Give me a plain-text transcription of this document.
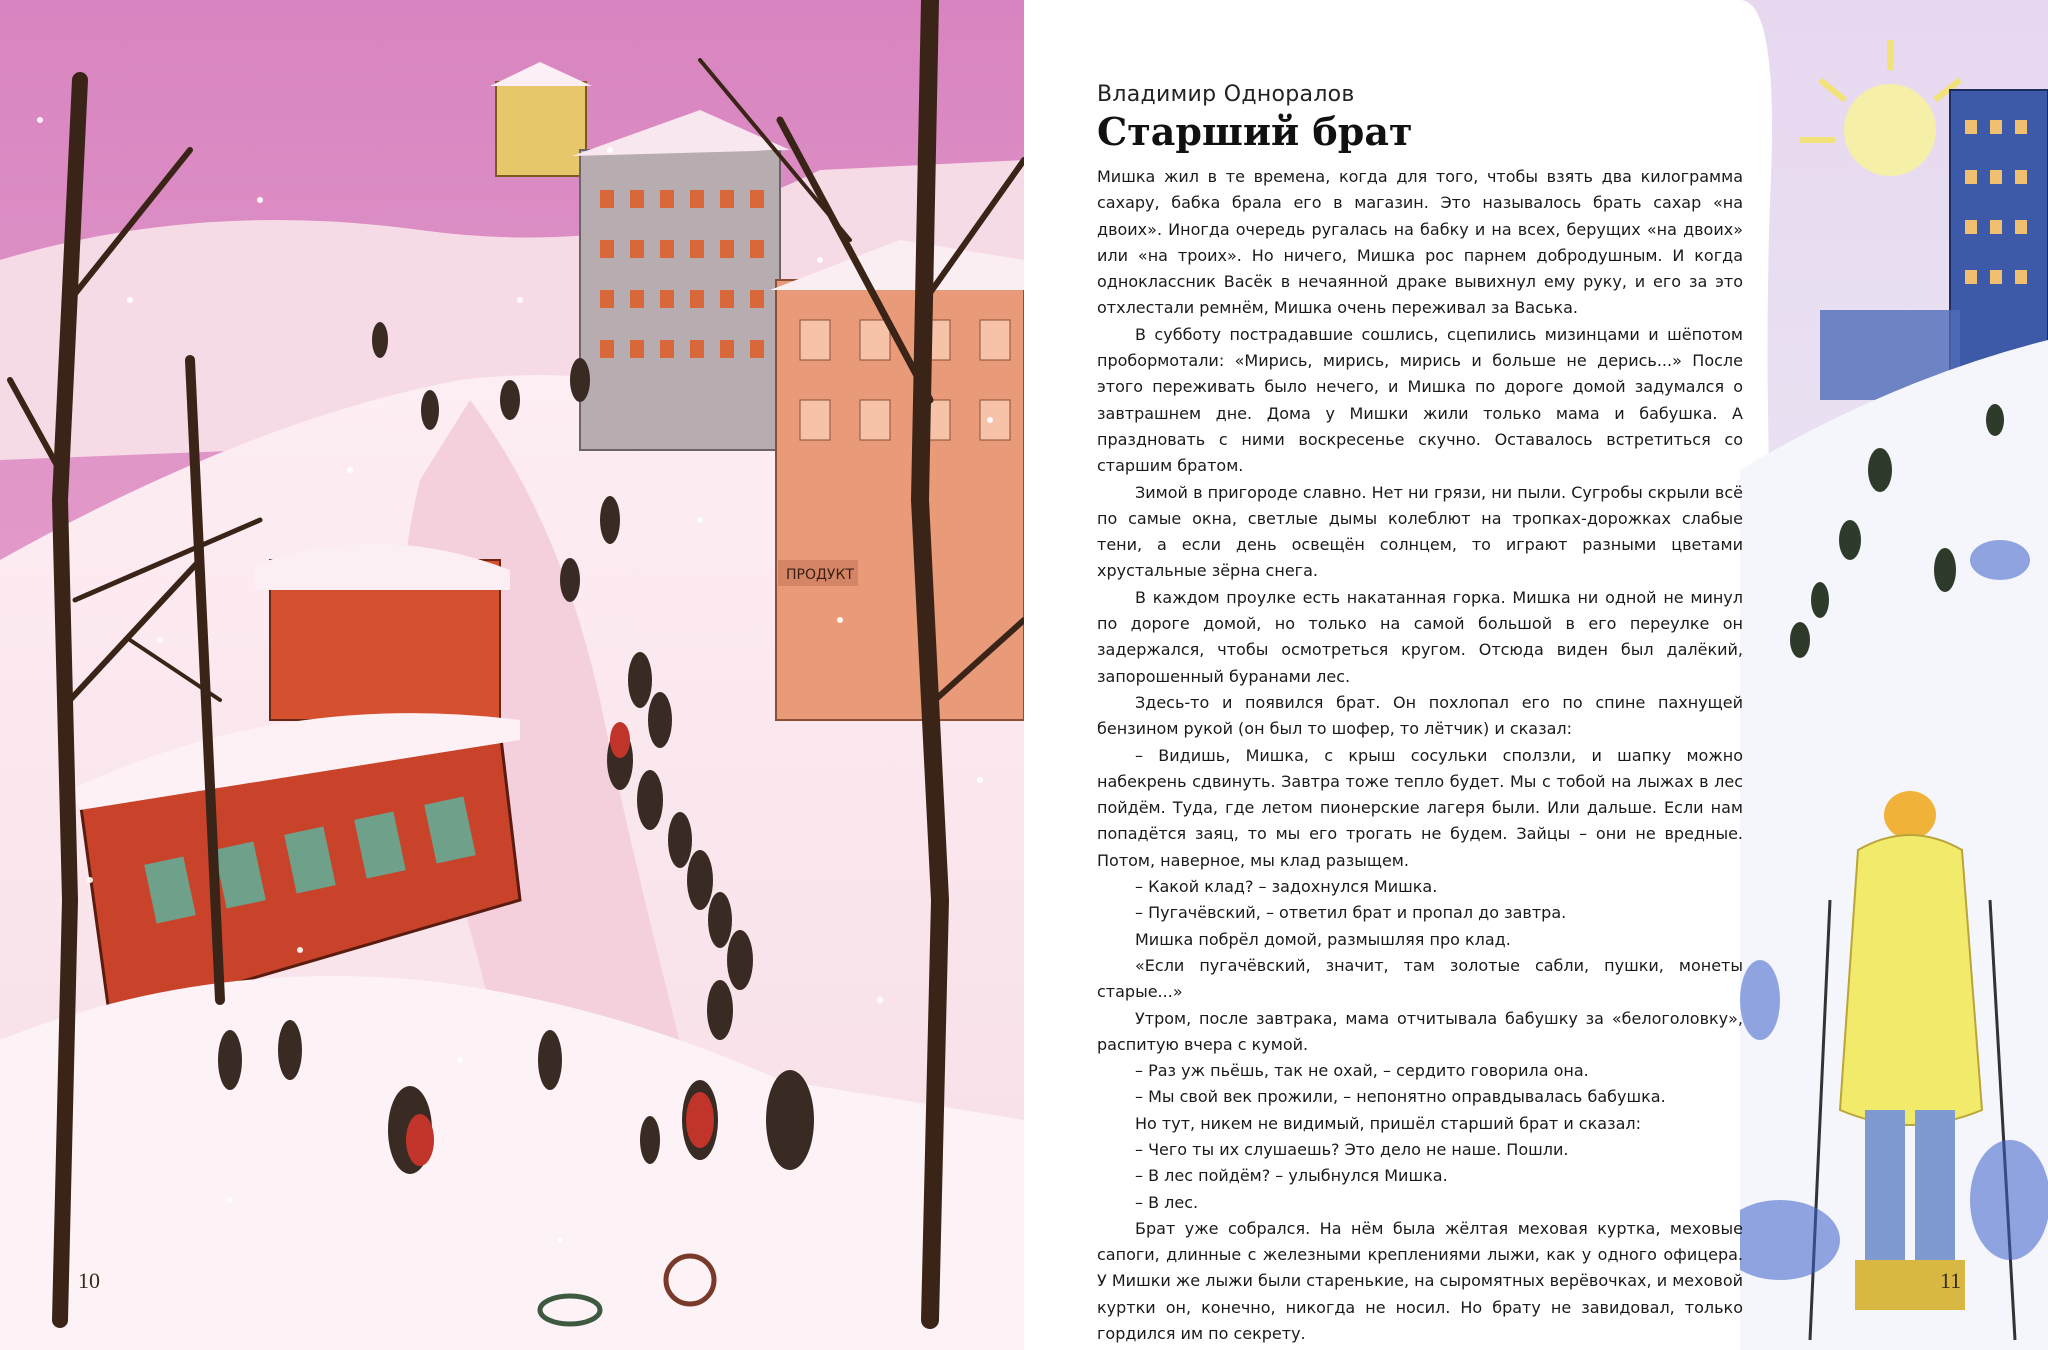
ПРОДУКТ
10	11
Владимир Одноралов
Старший брат

Мишка жил в те времена, когда для того, чтобы взять два килограмма сахару, бабка брала его в магазин. Это называлось брать сахар «на двоих». Иногда очередь ругалась на бабку и на всех, берущих «на двоих» или «на троих». Но ничего, Мишка рос парнем добродушным. И когда одноклассник Васёк в нечаянной драке вывихнул ему руку, и его за это отхлестали ремнём, Мишка очень переживал за Васька.

В субботу пострадавшие сошлись, сцепились мизинцами и шёпотом пробормотали: «Мирись, мирись, мирись и больше не дерись...» После этого переживать было нечего, и Мишка по дороге домой задумался о завтрашнем дне. Дома у Мишки жили только мама и бабушка. А праздновать с ними воскресенье скучно. Оставалось встретиться со старшим братом.

Зимой в пригороде славно. Нет ни грязи, ни пыли. Сугробы скрыли всё по самые окна, светлые дымы колеблют на тропках-дорожках слабые тени, а если день освещён солнцем, то играют разными цветами хрустальные зёрна снега.

В каждом проулке есть накатанная горка. Мишка ни одной не минул по дороге домой, но только на самой большой в его переулке он задержался, чтобы осмотреться кругом. Отсюда виден был далёкий, запорошенный буранами лес.

Здесь-то и появился брат. Он похлопал его по спине пахнущей бензином рукой (он был то шофер, то лётчик) и сказал:

– Видишь, Мишка, с крыш сосульки сползли, и шапку можно набекрень сдвинуть. Завтра тоже тепло будет. Мы с тобой на лыжах в лес пойдём. Туда, где летом пионерские лагеря были. Или дальше. Если нам попадётся заяц, то мы его трогать не будем. Зайцы – они не вредные. Потом, наверное, мы клад разыщем.

– Какой клад? – задохнулся Мишка.

– Пугачёвский, – ответил брат и пропал до завтра.

Мишка побрёл домой, размышляя про клад.

«Если пугачёвский, значит, там золотые сабли, пушки, монеты старые...»

Утром, после завтрака, мама отчитывала бабушку за «белоголовку», распитую вчера с кумой.

– Раз уж пьёшь, так не охай, – сердито говорила она.

– Мы свой век прожили, – непонятно оправдывалась бабушка.

Но тут, никем не видимый, пришёл старший брат и сказал:

– Чего ты их слушаешь? Это дело не наше. Пошли.

– В лес пойдём? – улыбнулся Мишка.

– В лес.

Брат уже собрался. На нём была жёлтая меховая куртка, меховые сапоги, длинные с железными креплениями лыжи, как у одного офицера. У Мишки же лыжи были старенькие, на сыромятных верёвочках, и меховой куртки он, конечно, никогда не носил. Но брату не завидовал, только гордился им по секрету.
